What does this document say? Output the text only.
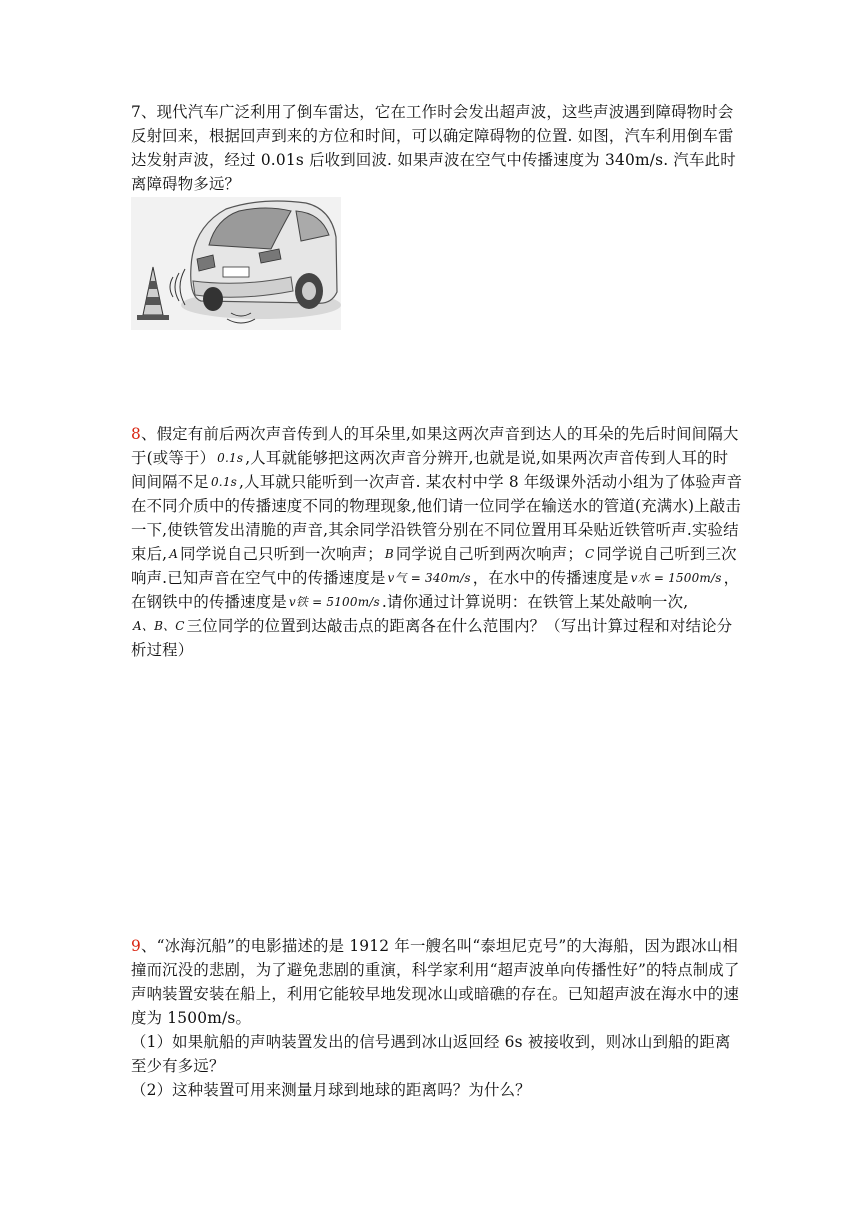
7、现代汽车广泛利用了倒车雷达，它在工作时会发出超声波，这些声波遇到障碍物时会反射回来，根据回声到来的方位和时间，可以确定障碍物的位置. 如图，汽车利用倒车雷达发射声波，经过 0.01s 后收到回波. 如果声波在空气中传播速度为 340m/s. 汽车此时离障碍物多远？
8、假定有前后两次声音传到人的耳朵里,如果这两次声音到达人的耳朵的先后时间间隔大于(或等于） 0.1s ,人耳就能够把这两次声音分辨开,也就是说,如果两次声音传到人耳的时间间隔不足 0.1s ,人耳就只能听到一次声音. 某农村中学 8 年级课外活动小组为了体验声音在不同介质中的传播速度不同的物理现象,他们请一位同学在输送水的管道(充满水)上敲击一下,使铁管发出清脆的声音,其余同学沿铁管分别在不同位置用耳朵贴近铁管听声.实验结束后, A 同学说自己只听到一次响声； B 同学说自己听到两次响声； C 同学说自己听到三次响声.已知声音在空气中的传播速度是 v气 = 340m/s ，在水中的传播速度是 v水 = 1500m/s ，在钢铁中的传播速度是 v铁 = 5100m/s .请你通过计算说明：在铁管上某处敲响一次,A、B、C 三位同学的位置到达敲击点的距离各在什么范围内？（写出计算过程和对结论分析过程）
9、“冰海沉船”的电影描述的是 1912 年一艘名叫“泰坦尼克号”的大海船，因为跟冰山相撞而沉没的悲剧，为了避免悲剧的重演，科学家利用“超声波单向传播性好”的特点制成了声呐装置安装在船上，利用它能较早地发现冰山或暗礁的存在。已知超声波在海水中的速度为 1500m/s。
（1）如果航船的声呐装置发出的信号遇到冰山返回经 6s 被接收到，则冰山到船的距离至少有多远？
（2）这种装置可用来测量月球到地球的距离吗？为什么？
